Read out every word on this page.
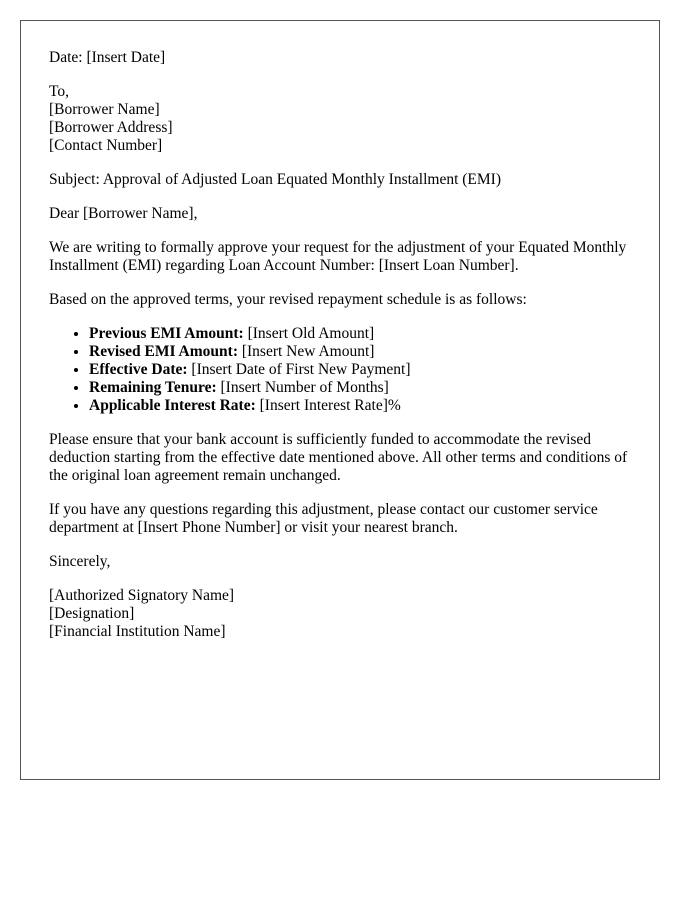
Date: [Insert Date]

To,
[Borrower Name]
[Borrower Address]
[Contact Number]

Subject: Approval of Adjusted Loan Equated Monthly Installment (EMI)

Dear [Borrower Name],

We are writing to formally approve your request for the adjustment of your Equated Monthly Installment (EMI) regarding Loan Account Number: [Insert Loan Number].

Based on the approved terms, your revised repayment schedule is as follows:

• Previous EMI Amount: [Insert Old Amount]
• Revised EMI Amount: [Insert New Amount]
• Effective Date: [Insert Date of First New Payment]
• Remaining Tenure: [Insert Number of Months]
• Applicable Interest Rate: [Insert Interest Rate]%

Please ensure that your bank account is sufficiently funded to accommodate the revised deduction starting from the effective date mentioned above. All other terms and conditions of the original loan agreement remain unchanged.

If you have any questions regarding this adjustment, please contact our customer service department at [Insert Phone Number] or visit your nearest branch.

Sincerely,

[Authorized Signatory Name]
[Designation]
[Financial Institution Name]
